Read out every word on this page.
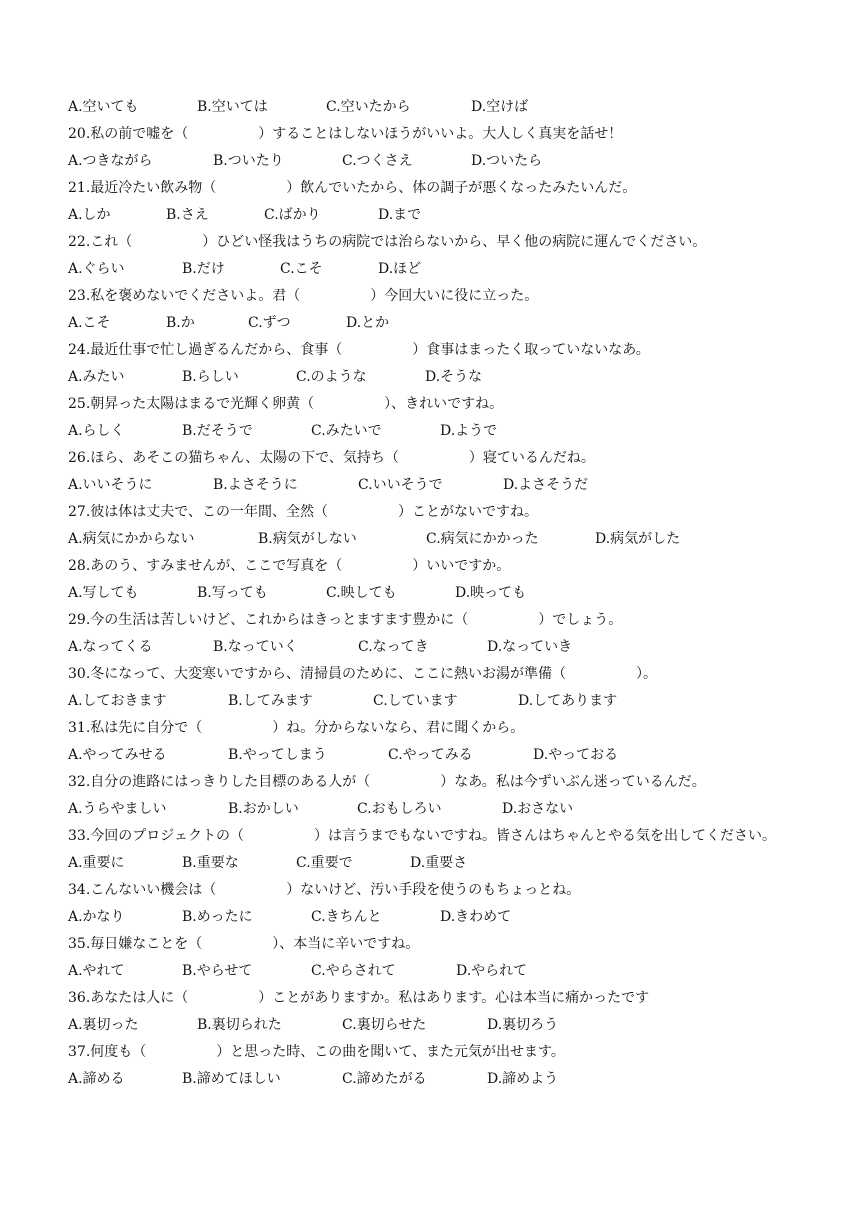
A.空いても	B.空いては	C.空いたから	D.空けば
20.私の前で嘘を（　　　　　）することはしないほうがいいよ。大人しく真実を話せ！
A.つきながら	B.ついたり	C.つくさえ	D.ついたら
21.最近冷たい飲み物（　　　　　）飲んでいたから、体の調子が悪くなったみたいんだ。
A.しか	B.さえ	C.ばかり	D.まで
22.これ（　　　　　）ひどい怪我はうちの病院では治らないから、早く他の病院に運んでください。
A.ぐらい	B.だけ	C.こそ	D.ほど
23.私を褒めないでくださいよ。君（　　　　　）今回大いに役に立った。
A.こそ	B.か	C.ずつ	D.とか
24.最近仕事で忙し過ぎるんだから、食事（　　　　　）食事はまったく取っていないなあ。
A.みたい	B.らしい	C.のような	D.そうな
25.朝昇った太陽はまるで光輝く卵黄（　　　　　）、きれいですね。
A.らしく	B.だそうで	C.みたいで	D.ようで
26.ほら、あそこの猫ちゃん、太陽の下で、気持ち（　　　　　）寝ているんだね。
A.いいそうに	B.よさそうに	C.いいそうで	D.よさそうだ
27.彼は体は丈夫で、この一年間、全然（　　　　　）ことがないですね。
A.病気にかからない	B.病気がしない	C.病気にかかった	D.病気がした
28.あのう、すみませんが、ここで写真を（　　　　　）いいですか。
A.写しても	B.写っても	C.映しても	D.映っても
29.今の生活は苦しいけど、これからはきっとますます豊かに（　　　　　）でしょう。
A.なってくる	B.なっていく	C.なってき	D.なっていき
30.冬になって、大変寒いですから、清掃員のために、ここに熱いお湯が準備（　　　　　）。
A.しておきます	B.してみます	C.しています	D.してあります
31.私は先に自分で（　　　　　）ね。分からないなら、君に聞くから。
A.やってみせる	B.やってしまう	C.やってみる	D.やっておる
32.自分の進路にはっきりした目標のある人が（　　　　　）なあ。私は今ずいぶん迷っているんだ。
A.うらやましい	B.おかしい	C.おもしろい	D.おさない
33.今回のプロジェクトの（　　　　　）は言うまでもないですね。皆さんはちゃんとやる気を出してください。
A.重要に	B.重要な	C.重要で	D.重要さ
34.こんないい機会は（　　　　　）ないけど、汚い手段を使うのもちょっとね。
A.かなり	B.めったに	C.きちんと	D.きわめて
35.毎日嫌なことを（　　　　　）、本当に辛いですね。
A.やれて	B.やらせて	C.やらされて	D.やられて
36.あなたは人に（　　　　　）ことがありますか。私はあります。心は本当に痛かったです
A.裏切った	B.裏切られた	C.裏切らせた	D.裏切ろう
37.何度も（　　　　　）と思った時、この曲を聞いて、また元気が出せます。
A.諦める	B.諦めてほしい	C.諦めたがる	D.諦めよう
